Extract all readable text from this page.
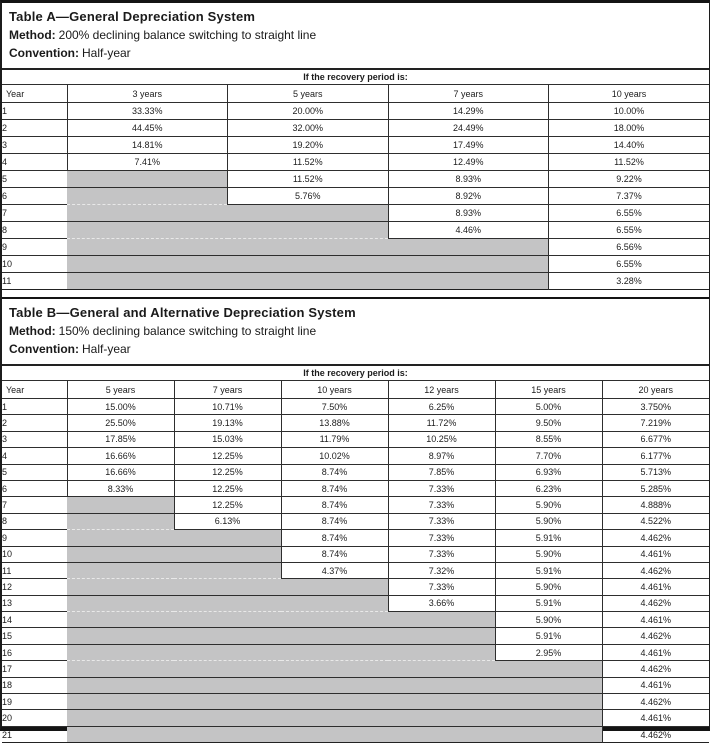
Table A—General Depreciation System
Method: 200% declining balance switching to straight line
Convention: Half-year
If the recovery period is:				
Year	3 years	5 years	7 years	10 years
1	33.33%	20.00%	14.29%	10.00%
2	44.45%	32.00%	24.49%	18.00%
3	14.81%	19.20%	17.49%	14.40%
4	7.41%	11.52%	12.49%	11.52%
5		11.52%	8.93%	9.22%
6		5.76%	8.92%	7.37%
7			8.93%	6.55%
8			4.46%	6.55%
9				6.56%
10				6.55%
11				3.28%
Table B—General and Alternative Depreciation System
Method: 150% declining balance switching to straight line
Convention: Half-year
If the recovery period is:						
Year	5 years	7 years	10 years	12 years	15 years	20 years
1	15.00%	10.71%	7.50%	6.25%	5.00%	3.750%
2	25.50%	19.13%	13.88%	11.72%	9.50%	7.219%
3	17.85%	15.03%	11.79%	10.25%	8.55%	6.677%
4	16.66%	12.25%	10.02%	8.97%	7.70%	6.177%
5	16.66%	12.25%	8.74%	7.85%	6.93%	5.713%
6	8.33%	12.25%	8.74%	7.33%	6.23%	5.285%
7		12.25%	8.74%	7.33%	5.90%	4.888%
8		6.13%	8.74%	7.33%	5.90%	4.522%
9			8.74%	7.33%	5.91%	4.462%
10			8.74%	7.33%	5.90%	4.461%
11			4.37%	7.32%	5.91%	4.462%
12				7.33%	5.90%	4.461%
13				3.66%	5.91%	4.462%
14					5.90%	4.461%
15					5.91%	4.462%
16					2.95%	4.461%
17						4.462%
18						4.461%
19						4.462%
20						4.461%
21						4.462%
